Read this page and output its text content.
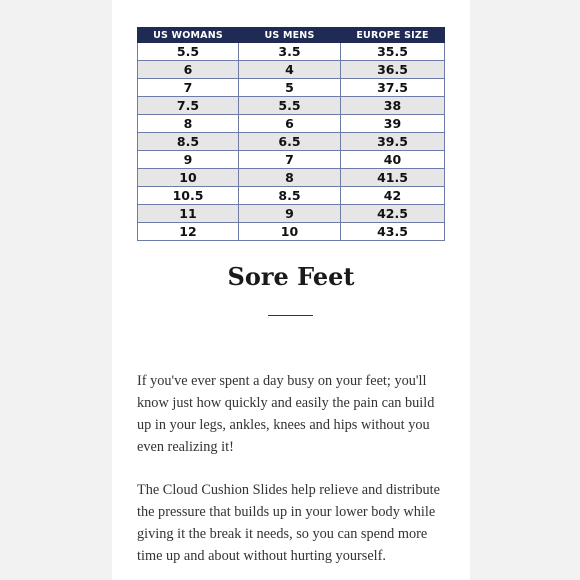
US WOMANS	US MENS	EUROPE SIZE
5.5	3.5	35.5
6	4	36.5
7	5	37.5
7.5	5.5	38
8	6	39
8.5	6.5	39.5
9	7	40
10	8	41.5
10.5	8.5	42
11	9	42.5
12	10	43.5
Sore Feet

If you've ever spent a day busy on your feet; you'll know just how quickly and easily the pain can build up in your legs, ankles, knees and hips without you even realizing it!

The Cloud Cushion Slides help relieve and distribute the pressure that builds up in your lower body while giving it the break it needs, so you can spend more time up and about without hurting yourself.
